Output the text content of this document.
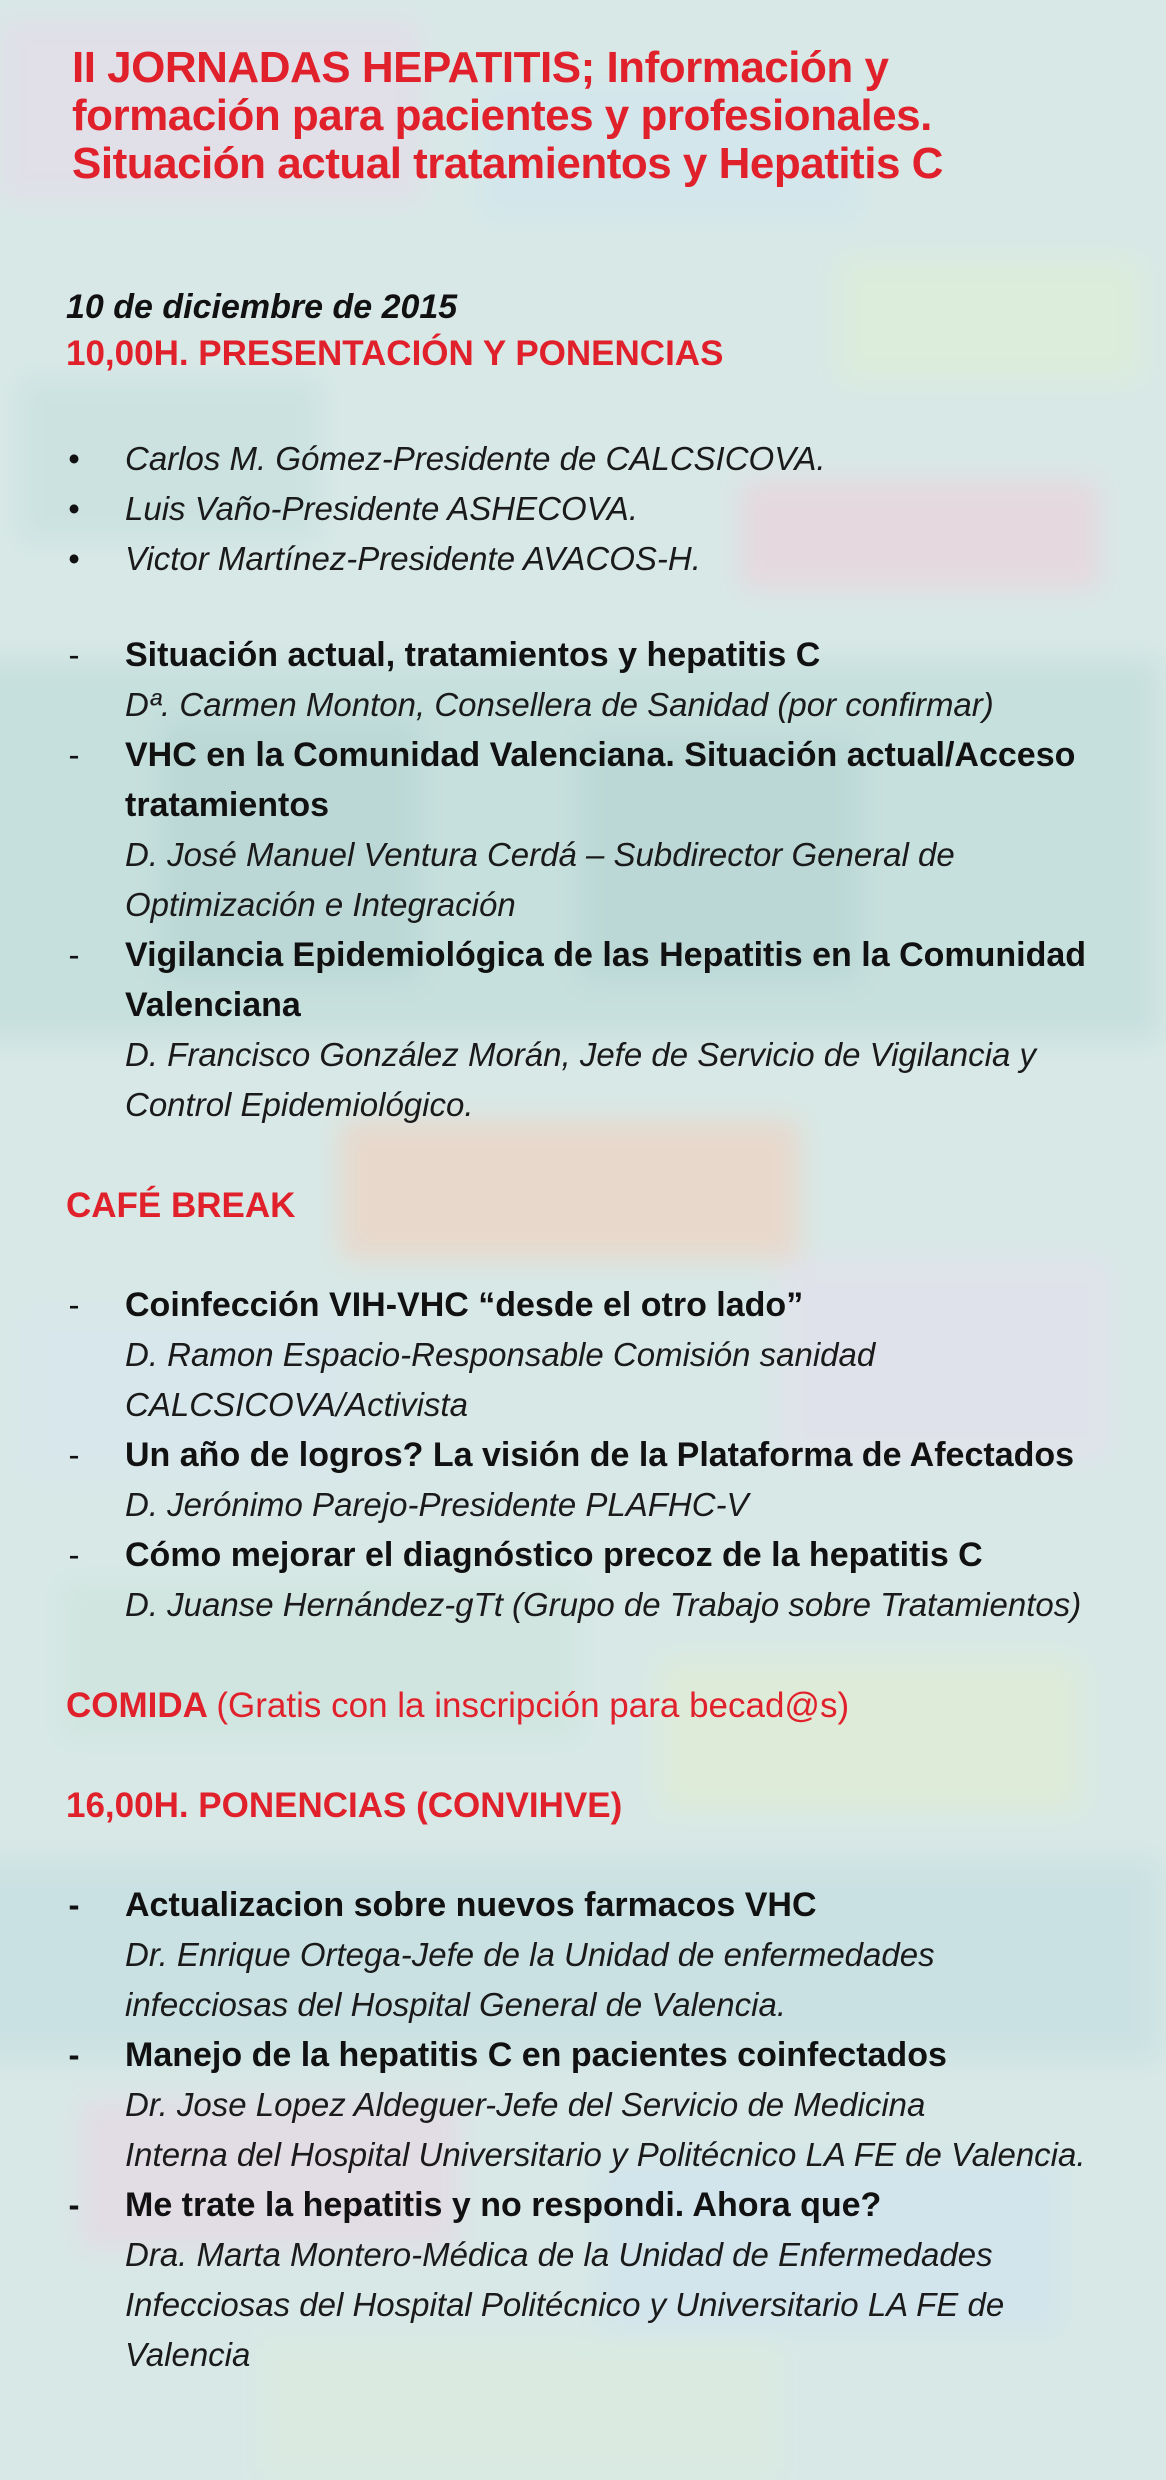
II JORNADAS HEPATITIS; Información y
formación para pacientes y profesionales.
Situación actual tratamientos y Hepatitis C

10 de diciembre de 2015

10,00H. PRESENTACIÓN Y PONENCIAS

• Carlos M. Gómez-Presidente de CALCSICOVA.

• Luis Vaño-Presidente ASHECOVA.

• Victor Martínez-Presidente AVACOS-H.

- Situación actual, tratamientos y hepatitis C

Dª. Carmen Monton, Consellera de Sanidad (por confirmar)

- VHC en la Comunidad Valenciana. Situación actual/Acceso
tratamientos

D. José Manuel Ventura Cerdá – Subdirector General de
Optimización e Integración

- Vigilancia Epidemiológica de las Hepatitis en la Comunidad
Valenciana

D. Francisco González Morán, Jefe de Servicio de Vigilancia y
Control Epidemiológico.

CAFÉ BREAK

- Coinfección VIH-VHC “desde el otro lado”

D. Ramon Espacio-Responsable Comisión sanidad
CALCSICOVA/Activista

- Un año de logros? La visión de la Plataforma de Afectados

D. Jerónimo Parejo-Presidente PLAFHC-V

- Cómo mejorar el diagnóstico precoz de la hepatitis C

D. Juanse Hernández-gTt (Grupo de Trabajo sobre Tratamientos)

COMIDA (Gratis con la inscripción para becad@s)

16,00H. PONENCIAS (CONVIHVE)

- Actualizacion sobre nuevos farmacos VHC

Dr. Enrique Ortega-Jefe de la Unidad de enfermedades
infecciosas del Hospital General de Valencia.

- Manejo de la hepatitis C en pacientes coinfectados

Dr. Jose Lopez Aldeguer-Jefe del Servicio de Medicina
Interna del Hospital Universitario y Politécnico LA FE de Valencia.

- Me trate la hepatitis y no respondi. Ahora que?

Dra. Marta Montero-Médica de la Unidad de Enfermedades
Infecciosas del Hospital Politécnico y Universitario LA FE de
Valencia
